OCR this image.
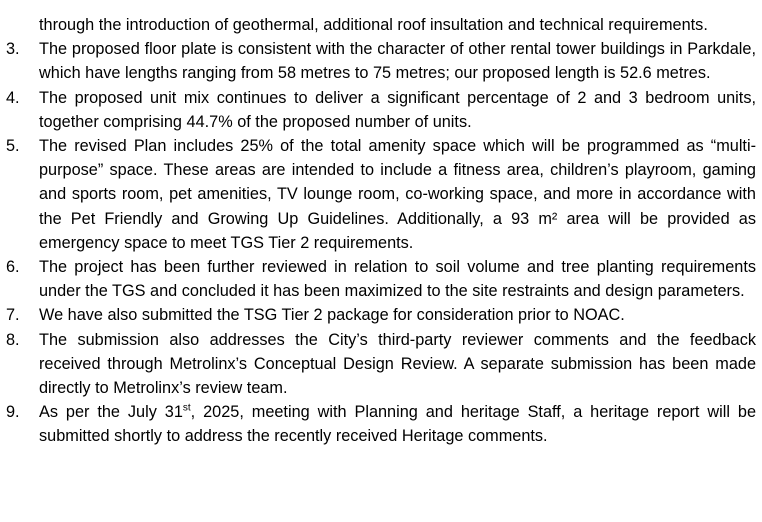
through the introduction of geothermal, additional roof insultation and technical requirements.
3.	The proposed floor plate is consistent with the character of other rental tower buildings in Parkdale, which have lengths ranging from 58 metres to 75 metres; our proposed length is 52.6 metres.
4.	The proposed unit mix continues to deliver a significant percentage of 2 and 3 bedroom units, together comprising 44.7% of the proposed number of units.
5.	The revised Plan includes 25% of the total amenity space which will be programmed as “multi-purpose” space. These areas are intended to include a fitness area, children’s playroom, gaming and sports room, pet amenities, TV lounge room, co-working space, and more in accordance with the Pet Friendly and Growing Up Guidelines. Additionally, a 93 m² area will be provided as emergency space to meet TGS Tier 2 requirements.
6.	The project has been further reviewed in relation to soil volume and tree planting requirements under the TGS and concluded it has been maximized to the site restraints and design parameters.
7.	We have also submitted the TSG Tier 2 package for consideration prior to NOAC.
8.	The submission also addresses the City’s third-party reviewer comments and the feedback received through Metrolinx’s Conceptual Design Review. A separate submission has been made directly to Metrolinx’s review team.
9.	As per the July 31st, 2025, meeting with Planning and heritage Staff, a heritage report will be submitted shortly to address the recently received Heritage comments.
